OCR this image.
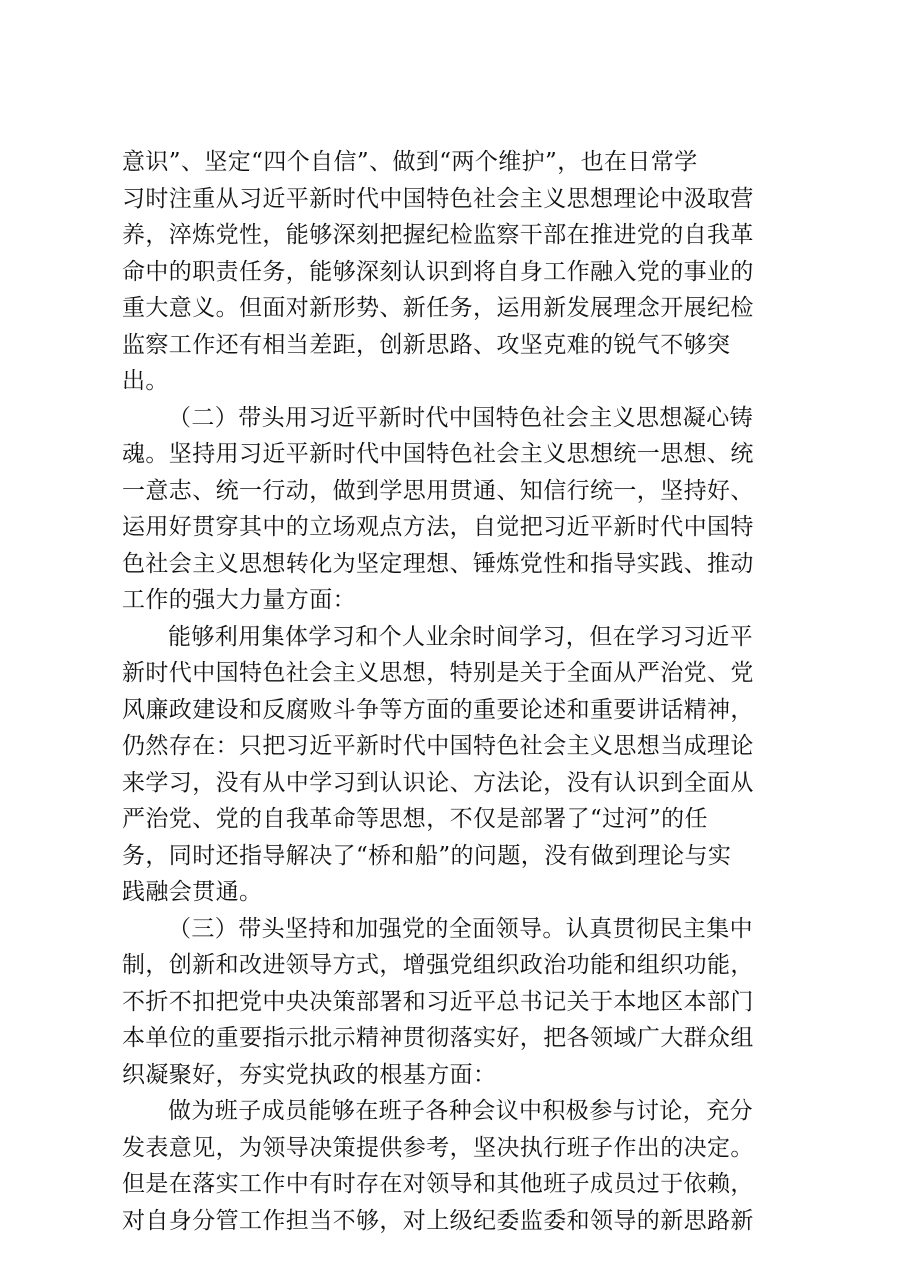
意识”、坚定“四个自信”、做到“两个维护”，也在日常学
习时注重从习近平新时代中国特色社会主义思想理论中汲取营
养，淬炼党性，能够深刻把握纪检监察干部在推进党的自我革
命中的职责任务，能够深刻认识到将自身工作融入党的事业的
重大意义。但面对新形势、新任务，运用新发展理念开展纪检
监察工作还有相当差距，创新思路、攻坚克难的锐气不够突
出。
（二）带头用习近平新时代中国特色社会主义思想凝心铸
魂。坚持用习近平新时代中国特色社会主义思想统一思想、统
一意志、统一行动，做到学思用贯通、知信行统一，坚持好、
运用好贯穿其中的立场观点方法，自觉把习近平新时代中国特
色社会主义思想转化为坚定理想、锤炼党性和指导实践、推动
工作的强大力量方面：
能够利用集体学习和个人业余时间学习，但在学习习近平
新时代中国特色社会主义思想，特别是关于全面从严治党、党
风廉政建设和反腐败斗争等方面的重要论述和重要讲话精神，
仍然存在：只把习近平新时代中国特色社会主义思想当成理论
来学习，没有从中学习到认识论、方法论，没有认识到全面从
严治党、党的自我革命等思想，不仅是部署了“过河”的任
务，同时还指导解决了“桥和船”的问题，没有做到理论与实
践融会贯通。
（三）带头坚持和加强党的全面领导。认真贯彻民主集中
制，创新和改进领导方式，增强党组织政治功能和组织功能，
不折不扣把党中央决策部署和习近平总书记关于本地区本部门
本单位的重要指示批示精神贯彻落实好，把各领域广大群众组
织凝聚好，夯实党执政的根基方面：
做为班子成员能够在班子各种会议中积极参与讨论，充分
发表意见，为领导决策提供参考，坚决执行班子作出的决定。
但是在落实工作中有时存在对领导和其他班子成员过于依赖，
对自身分管工作担当不够，对上级纪委监委和领导的新思路新
